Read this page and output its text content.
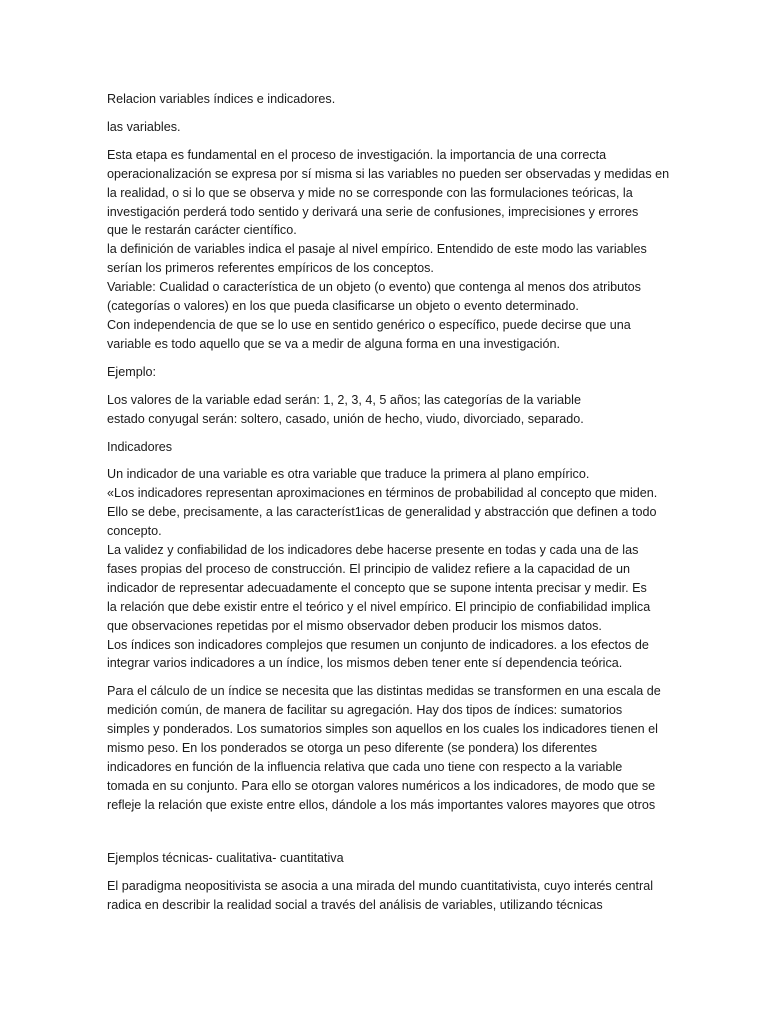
Relacion variables índices e indicadores.
las variables.
Esta etapa es fundamental en el proceso de investigación. la importancia de una correcta
operacionalización se expresa por sí misma si las variables no pueden ser observadas y medidas en
la realidad, o si lo que se observa y mide no se corresponde con las formulaciones teóricas, la
investigación perderá todo sentido y derivará una serie de confusiones, imprecisiones y errores
que le restarán carácter científico.
la definición de variables indica el pasaje al nivel empírico. Entendido de este modo las variables
serían los primeros referentes empíricos de los conceptos.
Variable: Cualidad o característica de un objeto (o evento) que contenga al menos dos atributos
(categorías o valores) en los que pueda clasificarse un objeto o evento determinado.
Con independencia de que se lo use en sentido genérico o específico, puede decirse que una
variable es todo aquello que se va a medir de alguna forma en una investigación.
Ejemplo:
Los valores de la variable edad serán: 1, 2, 3, 4, 5 años; las categorías de la variable
estado conyugal serán: soltero, casado, unión de hecho, viudo, divorciado, separado.
Indicadores
Un indicador de una variable es otra variable que traduce la primera al plano empírico.
«Los indicadores representan aproximaciones en términos de probabilidad al concepto que miden.
Ello se debe, precisamente, a las característ1icas de generalidad y abstracción que definen a todo
concepto.
La validez y confiabilidad de los indicadores debe hacerse presente en todas y cada una de las
fases propias del proceso de construcción. El principio de validez refiere a la capacidad de un
indicador de representar adecuadamente el concepto que se supone intenta precisar y medir. Es
la relación que debe existir entre el teórico y el nivel empírico. El principio de confiabilidad implica
que observaciones repetidas por el mismo observador deben producir los mismos datos.
Los índices son indicadores complejos que resumen un conjunto de indicadores. a los efectos de
integrar varios indicadores a un índice, los mismos deben tener ente sí dependencia teórica.
Para el cálculo de un índice se necesita que las distintas medidas se transformen en una escala de
medición común, de manera de facilitar su agregación. Hay dos tipos de índices: sumatorios
simples y ponderados. Los sumatorios simples son aquellos en los cuales los indicadores tienen el
mismo peso. En los ponderados se otorga un peso diferente (se pondera) los diferentes
indicadores en función de la influencia relativa que cada uno tiene con respecto a la variable
tomada en su conjunto. Para ello se otorgan valores numéricos a los indicadores, de modo que se
refleje la relación que existe entre ellos, dándole a los más importantes valores mayores que otros
Ejemplos técnicas- cualitativa- cuantitativa
El paradigma neopositivista se asocia a una mirada del mundo cuantitativista, cuyo interés central
radica en describir la realidad social a través del análisis de variables, utilizando técnicas
